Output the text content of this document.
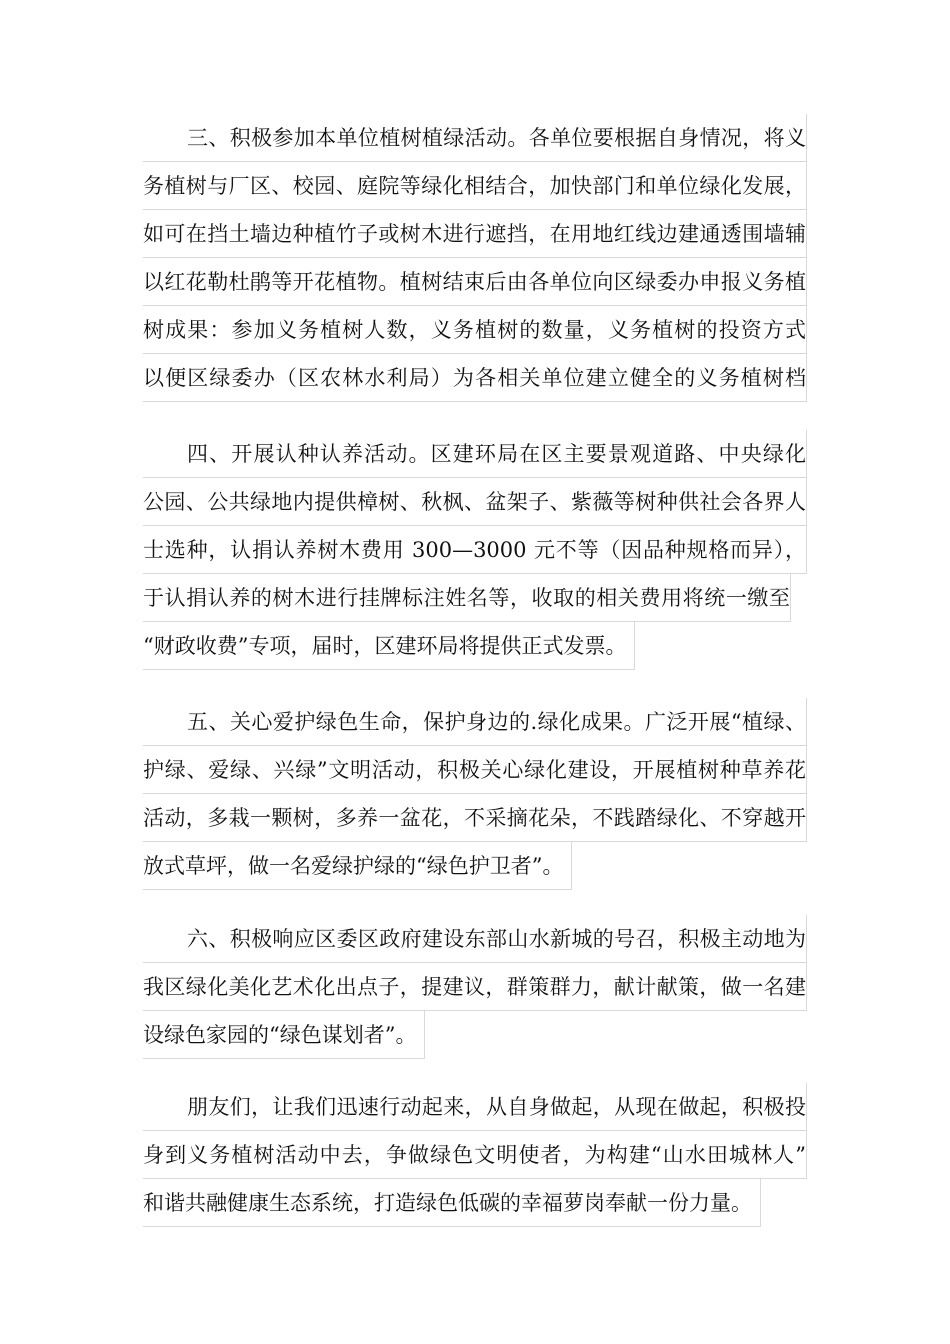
三、积极参加本单位植树植绿活动。各单位要根据自身情况，将义
务植树与厂区、校园、庭院等绿化相结合，加快部门和单位绿化发展，
如可在挡土墙边种植竹子或树木进行遮挡，在用地红线边建通透围墙辅
以红花勒杜鹃等开花植物。植树结束后由各单位向区绿委办申报义务植
树成果：参加义务植树人数，义务植树的数量，义务植树的投资方式
以便区绿委办（区农林水利局）为各相关单位建立健全的义务植树档
四、开展认种认养活动。区建环局在区主要景观道路、中央绿化
公园、公共绿地内提供樟树、秋枫、盆架子、紫薇等树种供社会各界人
士选种，认捐认养树木费用 300—3000 元不等（因品种规格而异），
于认捐认养的树木进行挂牌标注姓名等，收取的相关费用将统一缴至
“财政收费”专项，届时，区建环局将提供正式发票。
五、关心爱护绿色生命，保护身边的.绿化成果。广泛开展“植绿、
护绿、爱绿、兴绿”文明活动，积极关心绿化建设，开展植树种草养花
活动，多栽一颗树，多养一盆花，不采摘花朵，不践踏绿化、不穿越开
放式草坪，做一名爱绿护绿的“绿色护卫者”。
六、积极响应区委区政府建设东部山水新城的号召，积极主动地为
我区绿化美化艺术化出点子，提建议，群策群力，献计献策，做一名建
设绿色家园的“绿色谋划者”。
朋友们，让我们迅速行动起来，从自身做起，从现在做起，积极投
身到义务植树活动中去，争做绿色文明使者，为构建“山水田城林人”
和谐共融健康生态系统，打造绿色低碳的幸福萝岗奉献一份力量。
